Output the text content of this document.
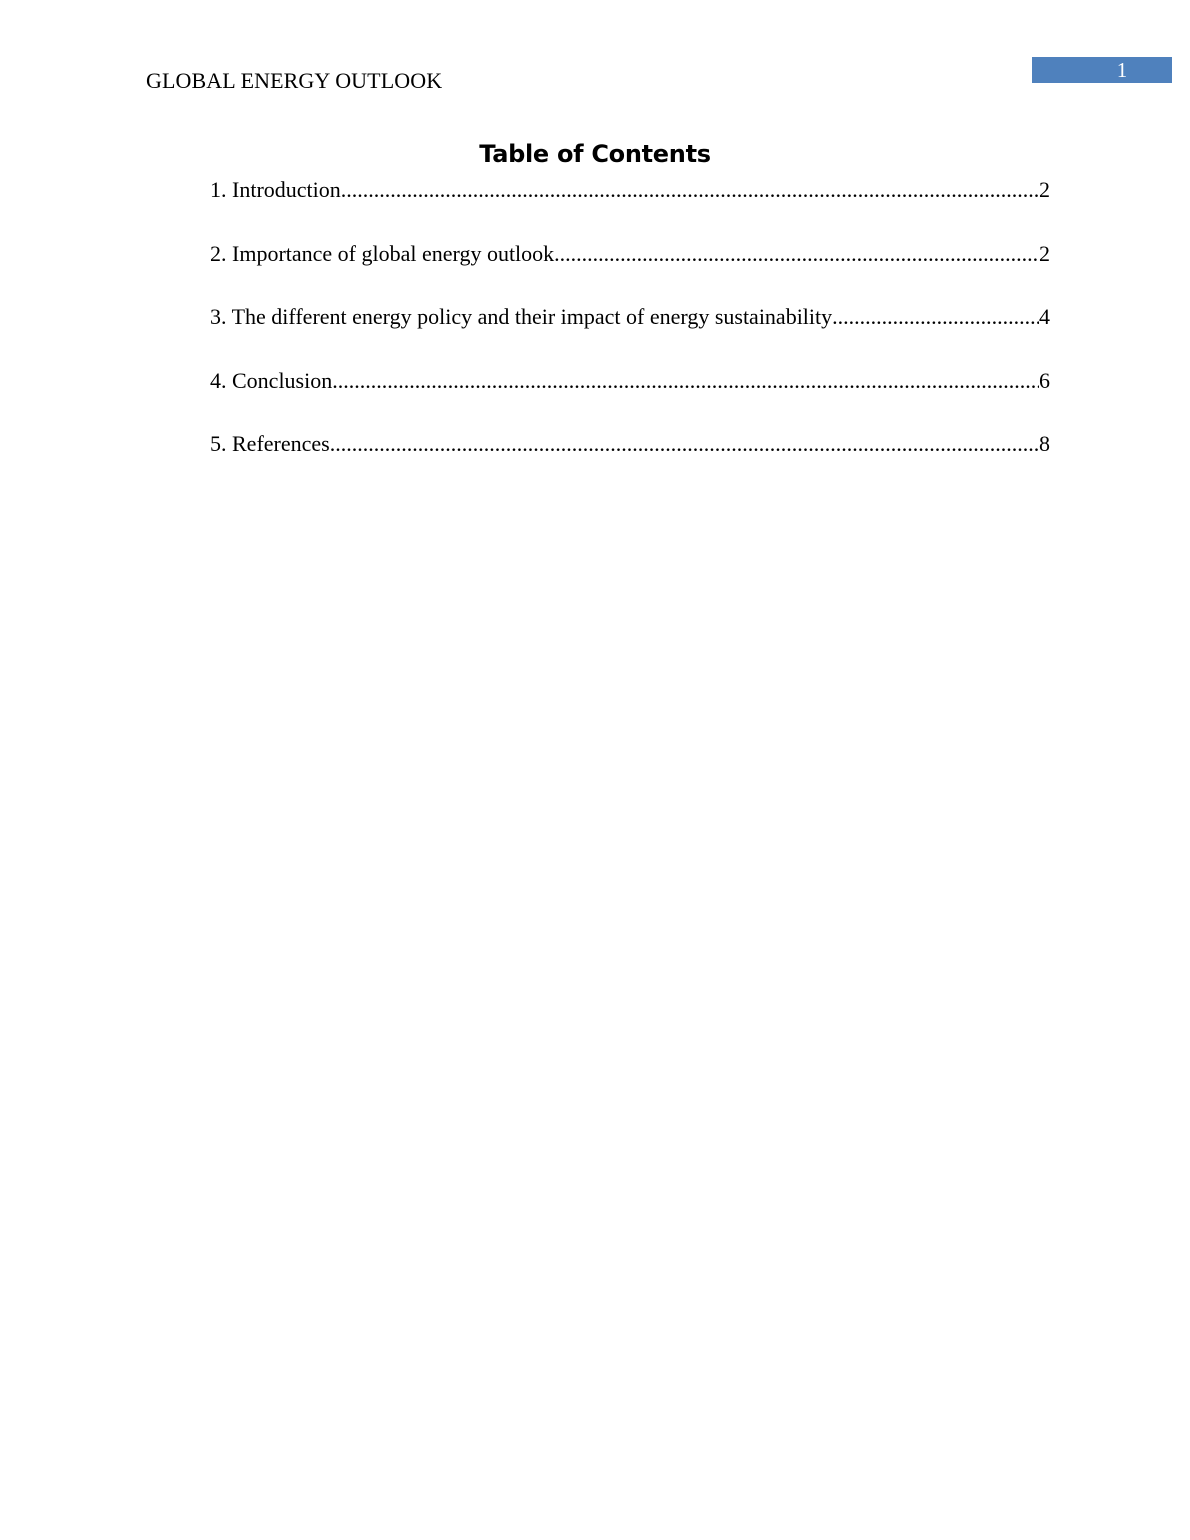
GLOBAL ENERGY OUTLOOK	1
Table of Contents
1. Introduction .....	2
2. Importance of global energy outlook .....	2
3. The different energy policy and their impact of energy sustainability .....	4
4. Conclusion .....	6
5. References .....	8
